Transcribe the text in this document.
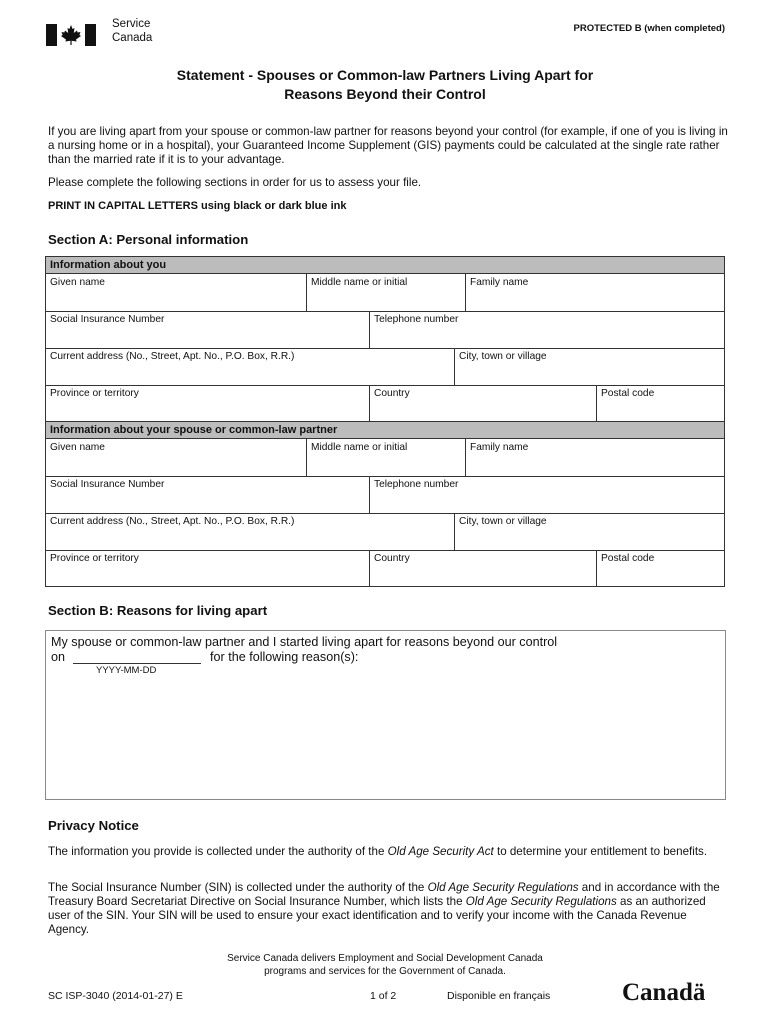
Service
Canada
PROTECTED B (when completed)
Statement - Spouses or Common-law Partners Living Apart for
Reasons Beyond their Control
If you are living apart from your spouse or common-law partner for reasons beyond your control (for example, if one of you is living in a nursing home or in a hospital), your Guaranteed Income Supplement (GIS) payments could be calculated at the single rate rather than the married rate if it is to your advantage.
Please complete the following sections in order for us to assess your file.
PRINT IN CAPITAL LETTERS using black or dark blue ink
Section A: Personal information
Information about you
Given name	Middle name or initial	Family name
Social Insurance Number	Telephone number
Current address (No., Street, Apt. No., P.O. Box, R.R.)	City, town or village
Province or territory	Country	Postal code
Information about your spouse or common-law partner
Given name	Middle name or initial	Family name
Social Insurance Number	Telephone number
Current address (No., Street, Apt. No., P.O. Box, R.R.)	City, town or village
Province or territory	Country	Postal code
Section B: Reasons for living apart
My spouse or common-law partner and I started living apart for reasons beyond our control
on	for the following reason(s):
YYYY-MM-DD
Privacy Notice
The information you provide is collected under the authority of the Old Age Security Act to determine your entitlement to benefits.
The Social Insurance Number (SIN) is collected under the authority of the Old Age Security Regulations and in accordance with the Treasury Board Secretariat Directive on Social Insurance Number, which lists the Old Age Security Regulations as an authorized user of the SIN. Your SIN will be used to ensure your exact identification and to verify your income with the Canada Revenue Agency.
Service Canada delivers Employment and Social Development Canada
programs and services for the Government of Canada.
SC ISP-3040 (2014-01-27) E	1 of 2	Disponible en français	Canadä
